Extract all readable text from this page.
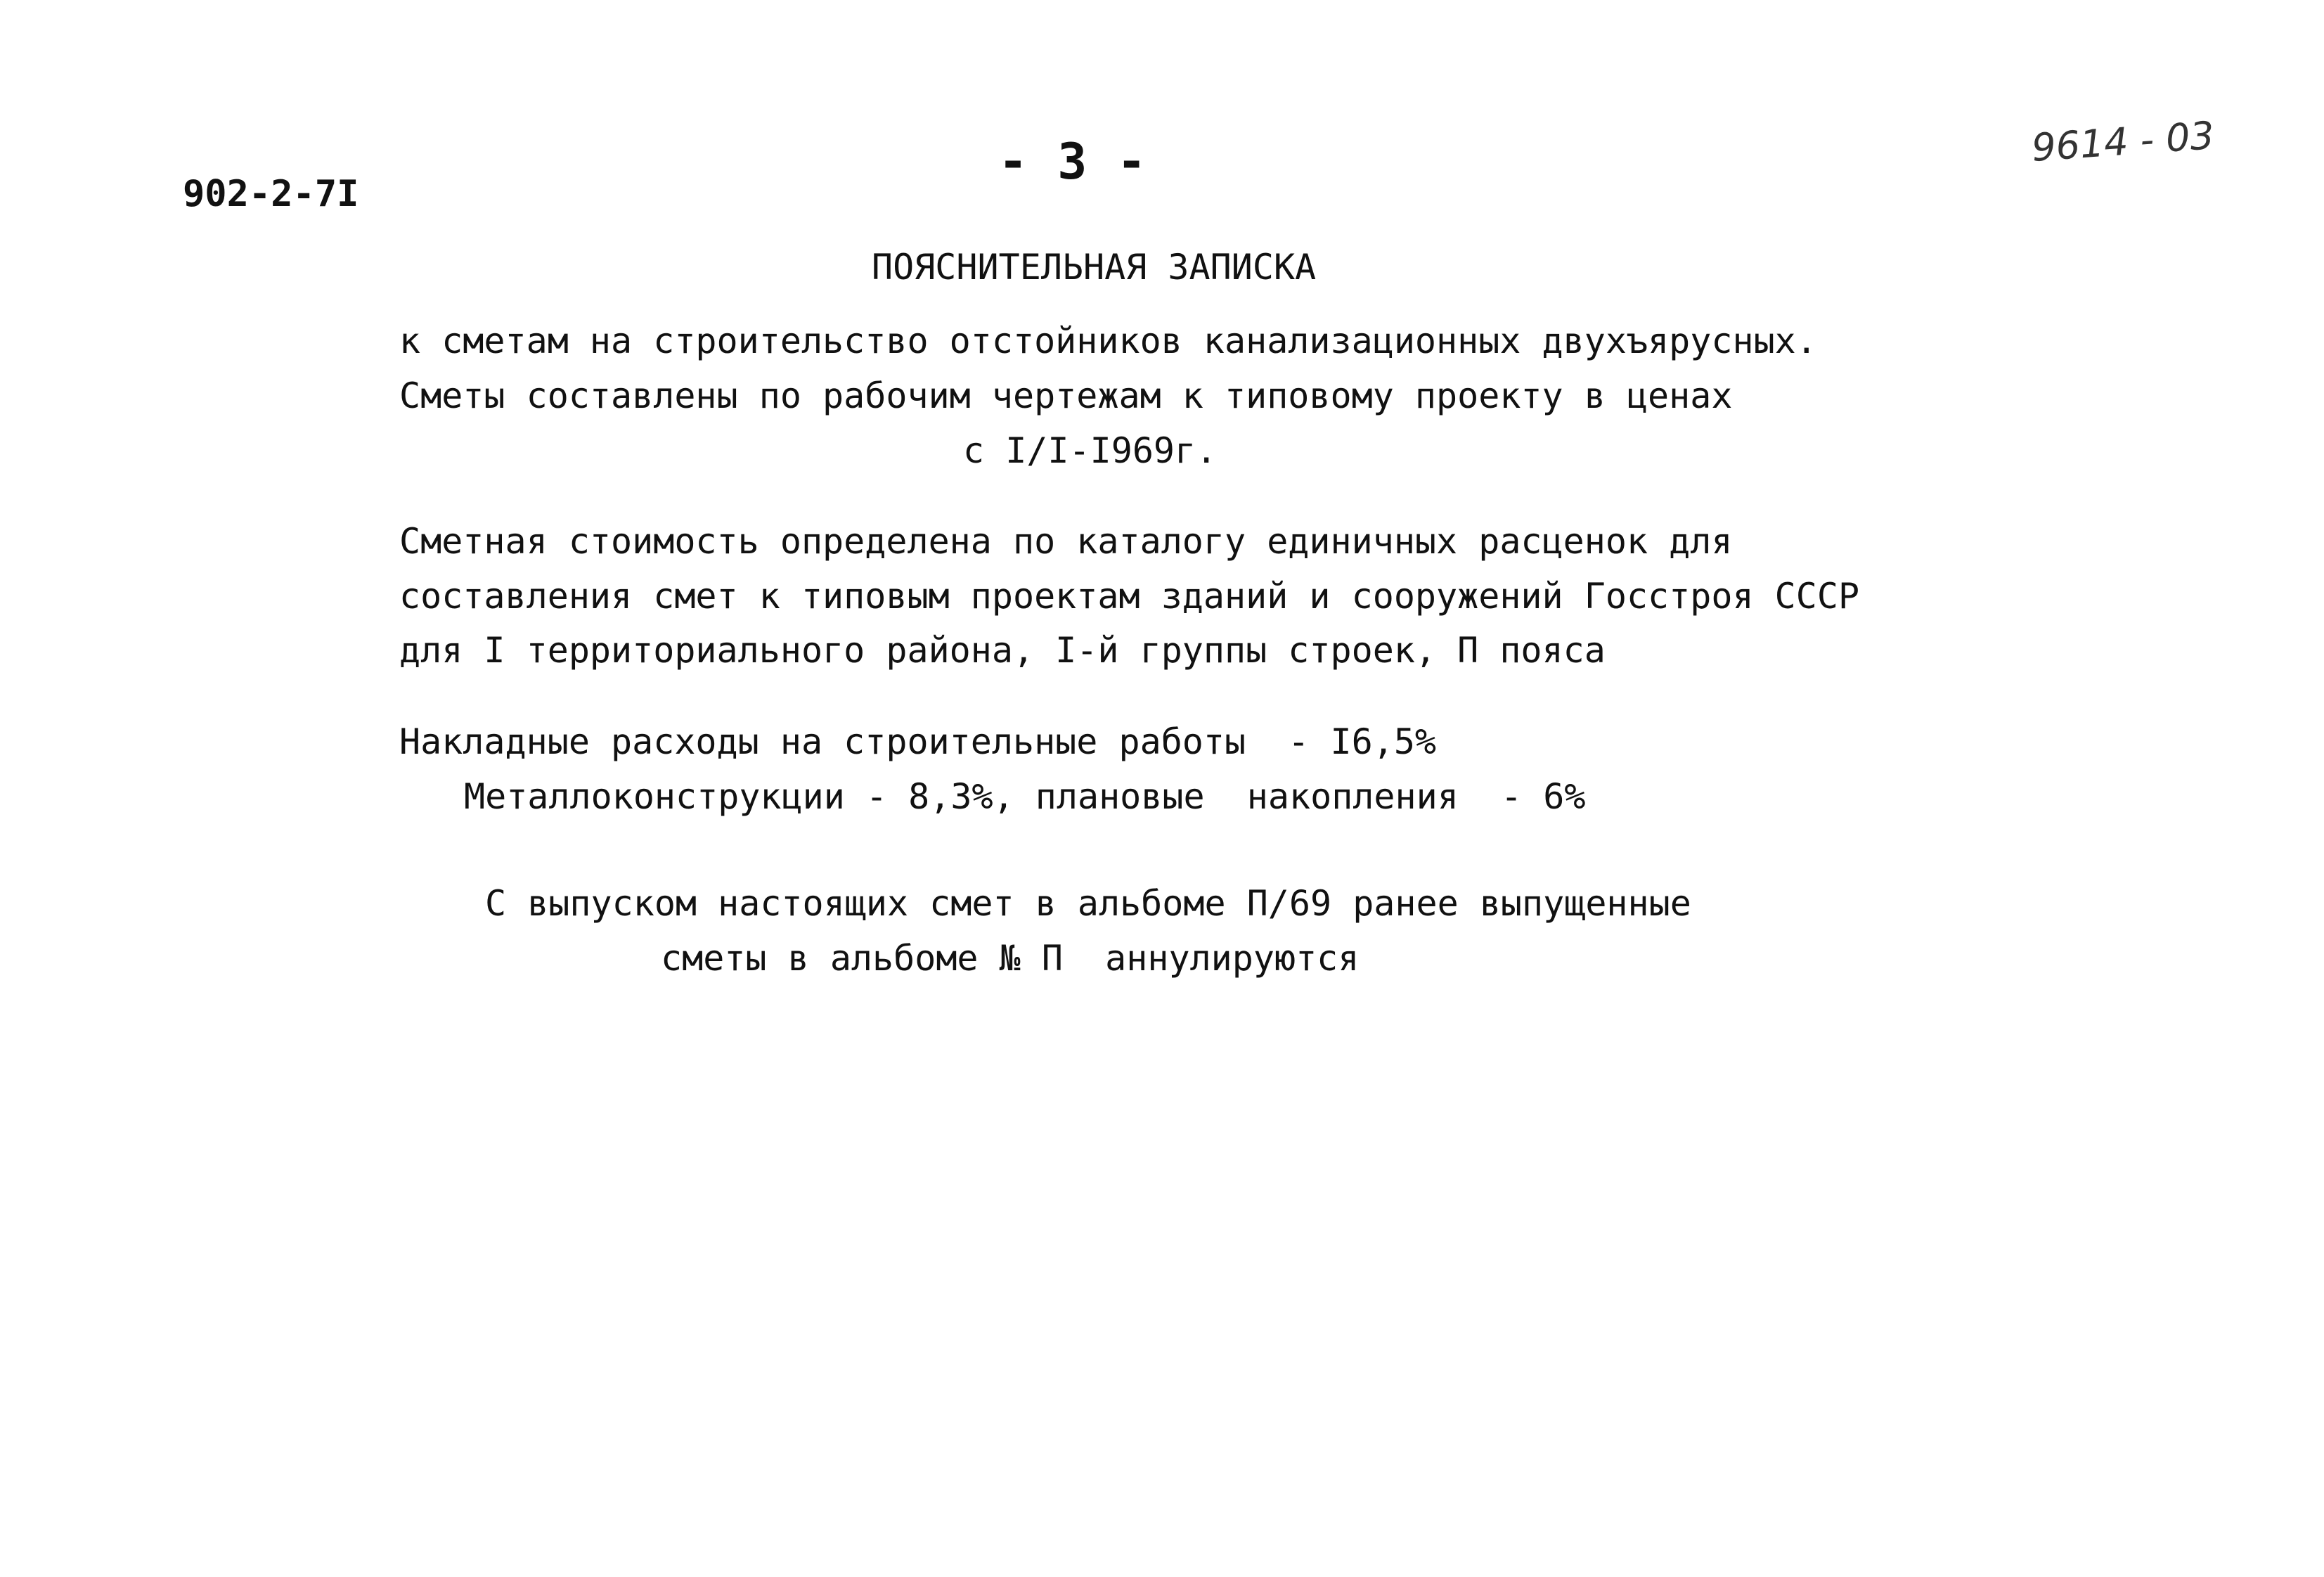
902-2-7I
- 3 -	9614 - 03
ПОЯСНИТЕЛЬНАЯ ЗАПИСКА
к сметам на строительство отстойников канализационных двухъярусных.
Сметы составлены по рабочим чертежам к типовому проекту в ценах
с I/I-I969г.
Сметная стоимость определена по каталогу единичных расценок для
составления смет к типовым проектам зданий и сооружений Госстроя СССР
для I территориального района, I-й группы строек, П пояса
Накладные расходы на строительные работы  - I6,5%
Металлоконструкции - 8,3%, плановые  накопления  - 6%
С выпуском настоящих смет в альбоме П/69 ранее выпущенные
сметы в альбоме № П  аннулируются
